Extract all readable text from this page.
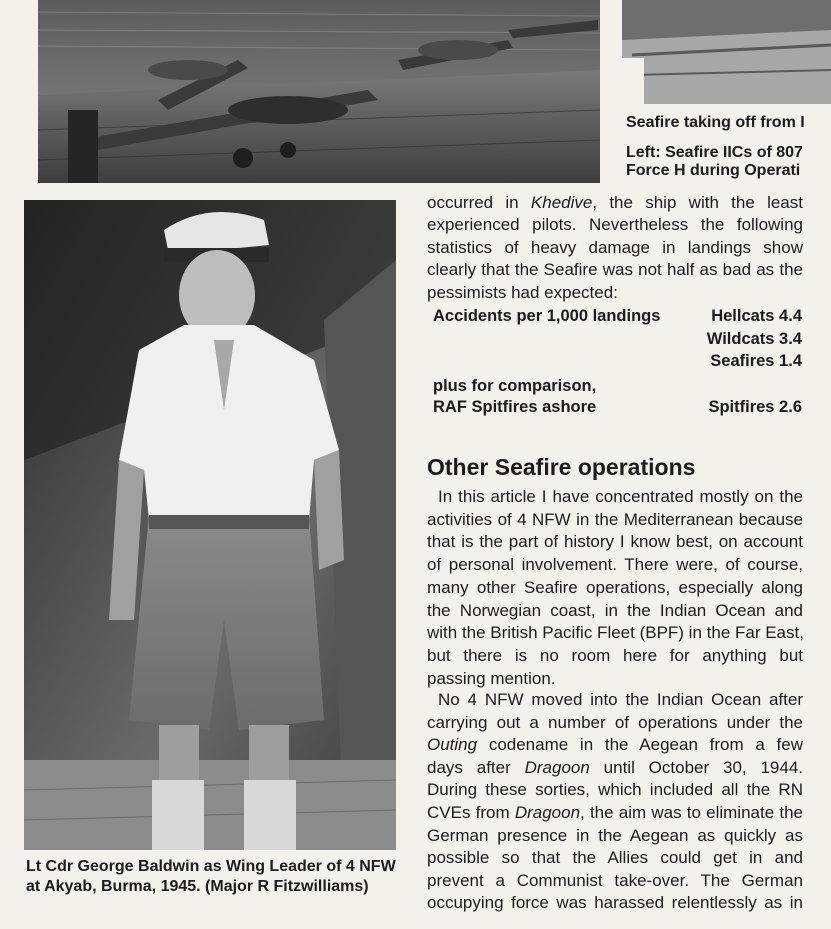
Seafire taking off from I
Left: Seafire IICs of 807
Force H during Operati
Lt Cdr George Baldwin as Wing Leader of 4 NFW at Akyab, Burma, 1945. (Major R Fitzwilliams)
occurred in Khedive, the ship with the least
experienced pilots. Nevertheless the following
statistics of heavy damage in landings show
clearly that the Seafire was not half as bad as the
pessimists had expected:
Accidents per 1,000 landings	Hellcats 4.4
Wildcats 3.4
Seafires 1.4
plus for comparison,
RAF Spitfires ashore	Spitfires 2.6
Other Seafire operations
In this article I have concentrated mostly on the
activities of 4 NFW in the Mediterranean because
that is the part of history I know best, on account
of personal involvement. There were, of course,
many other Seafire operations, especially along
the Norwegian coast, in the Indian Ocean and
with the British Pacific Fleet (BPF) in the Far East,
but there is no room here for anything but
passing mention.
No 4 NFW moved into the Indian Ocean after
carrying out a number of operations under the
Outing codename in the Aegean from a few
days after Dragoon until October 30, 1944.
During these sorties, which included all the RN
CVEs from Dragoon, the aim was to eliminate the
German presence in the Aegean as quickly as
possible so that the Allies could get in and
prevent a Communist take-over. The German
occupying force was harassed relentlessly as in
